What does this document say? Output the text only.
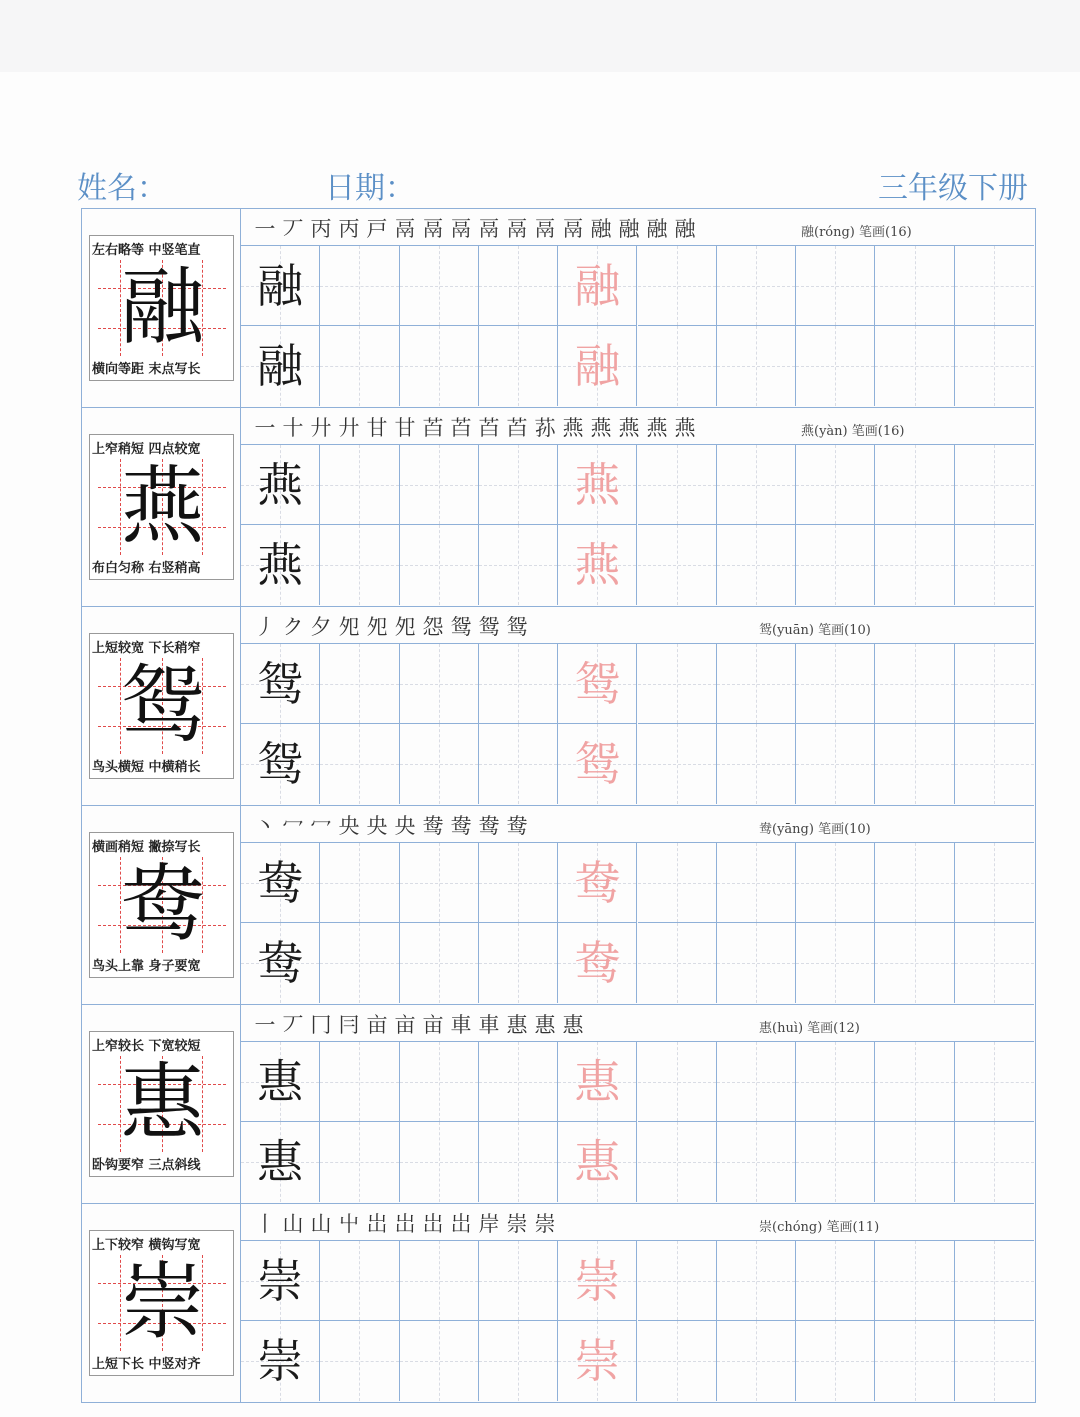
姓名：	日期：	三年级下册
融
左右略等 中竖笔直
横向等距 末点写长
一 丆 丙 丙 戸 鬲 鬲 鬲 鬲 鬲 鬲 鬲 融 融 融 融	融(róng) 笔画(16)
融	融
融	融
燕
上窄稍短 四点较宽
布白匀称 右竖稍高
一 十 廾 廾 甘 甘 苩 苩 苩 苩 荪 燕 燕 燕 燕 燕	燕(yàn) 笔画(16)
燕	燕
燕	燕
鸳
上短较宽 下长稍窄
鸟头横短 中横稍长
丿 ク 夕 夗 夗 夗 怨 鸳 鸳 鸳	鸳(yuān) 笔画(10)
鸳	鸳
鸳	鸳
鸯
横画稍短 撇捺写长
鸟头上靠 身子要宽
丶 冖 冖 央 央 央 鸯 鸯 鸯 鸯	鸯(yāng) 笔画(10)
鸯	鸯
鸯	鸯
惠
上窄较长 下宽较短
卧钩要窄 三点斜线
一 丆 冂 冃 亩 亩 亩 車 車 惠 惠 惠	惠(huì) 笔画(12)
惠	惠
惠	惠
崇
上下较窄 横钩写宽
上短下长 中竖对齐
丨 山 山 屮 岀 岀 岀 岀 岸 崇 崇	崇(chóng) 笔画(11)
崇	崇
崇	崇
